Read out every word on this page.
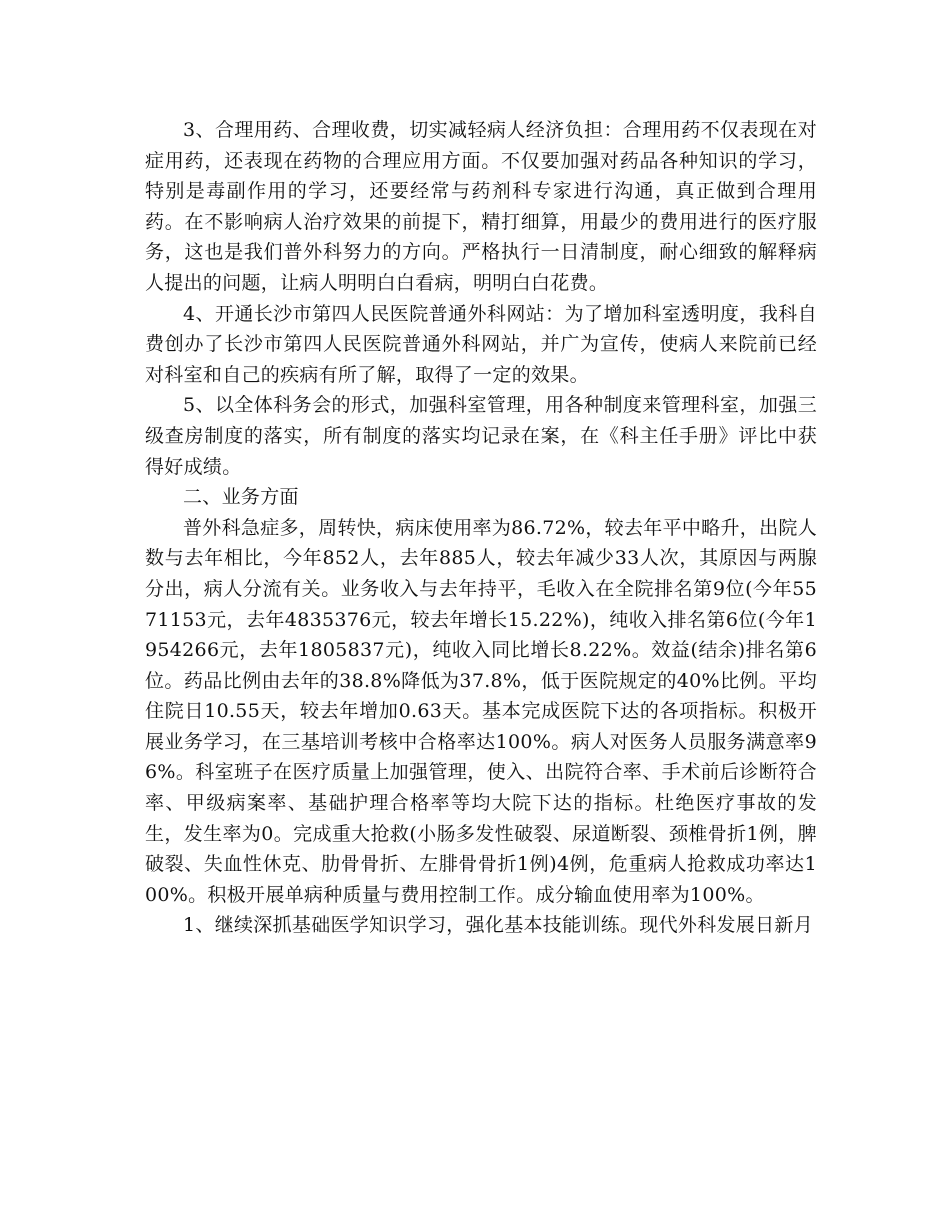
3、合理用药、合理收费，切实减轻病人经济负担：合理用药不仅表现在对症用药，还表现在药物的合理应用方面。不仅要加强对药品各种知识的学习，特别是毒副作用的学习，还要经常与药剂科专家进行沟通，真正做到合理用药。在不影响病人治疗效果的前提下，精打细算，用最少的费用进行的医疗服务，这也是我们普外科努力的方向。严格执行一日清制度，耐心细致的解释病人提出的问题，让病人明明白白看病，明明白白花费。

4、开通长沙市第四人民医院普通外科网站：为了增加科室透明度，我科自费创办了长沙市第四人民医院普通外科网站，并广为宣传，使病人来院前已经对科室和自己的疾病有所了解，取得了一定的效果。

5、以全体科务会的形式，加强科室管理，用各种制度来管理科室，加强三级查房制度的落实，所有制度的落实均记录在案，在《科主任手册》评比中获得好成绩。

二、业务方面

普外科急症多，周转快，病床使用率为86.72%，较去年平中略升，出院人数与去年相比，今年852人，去年885人，较去年减少33人次，其原因与两腺分出，病人分流有关。业务收入与去年持平，毛收入在全院排名第9位(今年5571153元，去年4835376元，较去年增长15.22%)，纯收入排名第6位(今年1954266元，去年1805837元)，纯收入同比增长8.22%。效益(结余)排名第6位。药品比例由去年的38.8%降低为37.8%，低于医院规定的40%比例。平均住院日10.55天，较去年增加0.63天。基本完成医院下达的各项指标。积极开展业务学习，在三基培训考核中合格率达100%。病人对医务人员服务满意率96%。科室班子在医疗质量上加强管理，使入、出院符合率、手术前后诊断符合率、甲级病案率、基础护理合格率等均大院下达的指标。杜绝医疗事故的发生，发生率为0。完成重大抢救(小肠多发性破裂、尿道断裂、颈椎骨折1例，脾破裂、失血性休克、肋骨骨折、左腓骨骨折1例)4例，危重病人抢救成功率达100%。积极开展单病种质量与费用控制工作。成分输血使用率为100%。

1、继续深抓基础医学知识学习，强化基本技能训练。现代外科发展日新月
